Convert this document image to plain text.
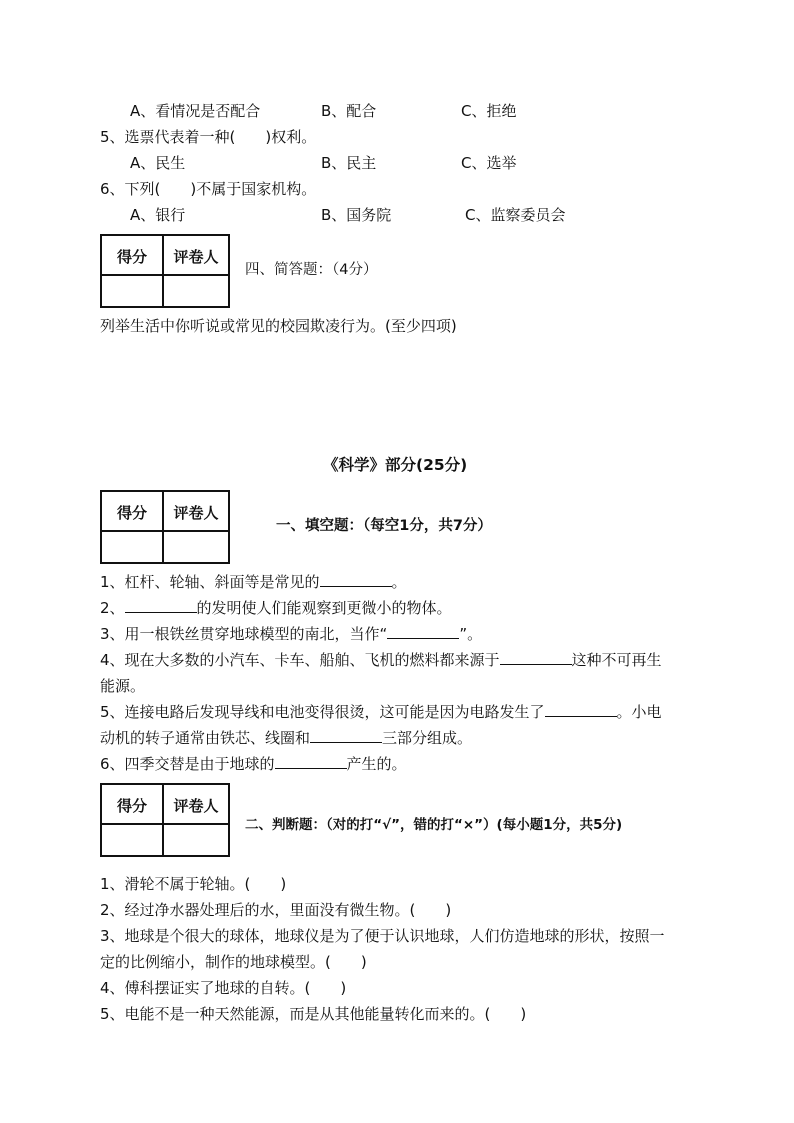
A、看情况是否配合	B、配合	C、拒绝
5、选票代表着一种(　　)权利。
A、民生	B、民主	C、选举
6、下列(　　)不属于国家机构。
A、银行	B、国务院	C、监察委员会
得分	评卷人
四、简答题：（4分）
列举生活中你听说或常见的校园欺凌行为。(至少四项)
《科学》部分(25分)
得分	评卷人
一、填空题：（每空1分，共7分）
1、杠杆、轮轴、斜面等是常见的	。
2、	的发明使人们能观察到更微小的物体。
3、用一根铁丝贯穿地球模型的南北，当作“	”。
4、现在大多数的小汽车、卡车、船舶、飞机的燃料都来源于	这种不可再生
能源。
5、连接电路后发现导线和电池变得很烫，这可能是因为电路发生了	。小电
动机的转子通常由铁芯、线圈和	三部分组成。
6、四季交替是由于地球的	产生的。
得分	评卷人
二、判断题：（对的打“√”，错的打“×”）(每小题1分，共5分)
1、滑轮不属于轮轴。(　　)
2、经过净水器处理后的水，里面没有微生物。(　　)
3、地球是个很大的球体，地球仪是为了便于认识地球，人们仿造地球的形状，按照一
定的比例缩小，制作的地球模型。(　　)
4、傅科摆证实了地球的自转。(　　)
5、电能不是一种天然能源，而是从其他能量转化而来的。(　　)
